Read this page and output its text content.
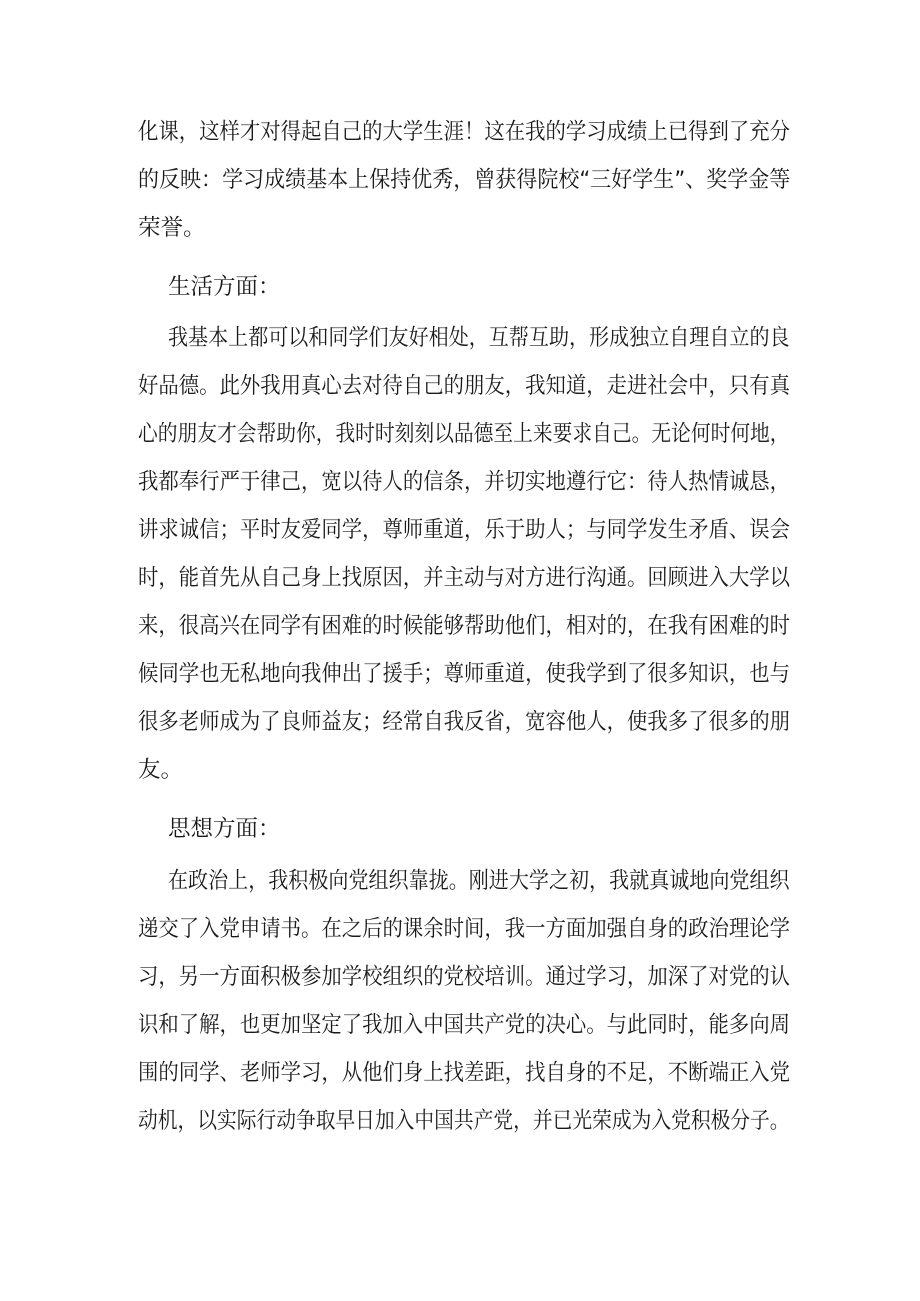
化课，这样才对得起自己的大学生涯！这在我的学习成绩上已得到了充分
的反映：学习成绩基本上保持优秀，曾获得院校“三好学生”、奖学金等
荣誉。
生活方面：
我基本上都可以和同学们友好相处，互帮互助，形成独立自理自立的良
好品德。此外我用真心去对待自己的朋友，我知道，走进社会中，只有真
心的朋友才会帮助你，我时时刻刻以品德至上来要求自己。无论何时何地，
我都奉行严于律己，宽以待人的信条，并切实地遵行它：待人热情诚恳，
讲求诚信；平时友爱同学，尊师重道，乐于助人；与同学发生矛盾、误会
时，能首先从自己身上找原因，并主动与对方进行沟通。回顾进入大学以
来，很高兴在同学有困难的时候能够帮助他们，相对的，在我有困难的时
候同学也无私地向我伸出了援手；尊师重道，使我学到了很多知识，也与
很多老师成为了良师益友；经常自我反省，宽容他人，使我多了很多的朋
友。
思想方面：
在政治上，我积极向党组织靠拢。刚进大学之初，我就真诚地向党组织
递交了入党申请书。在之后的课余时间，我一方面加强自身的政治理论学
习，另一方面积极参加学校组织的党校培训。通过学习，加深了对党的认
识和了解，也更加坚定了我加入中国共产党的决心。与此同时，能多向周
围的同学、老师学习，从他们身上找差距，找自身的不足，不断端正入党
动机，以实际行动争取早日加入中国共产党，并已光荣成为入党积极分子。
